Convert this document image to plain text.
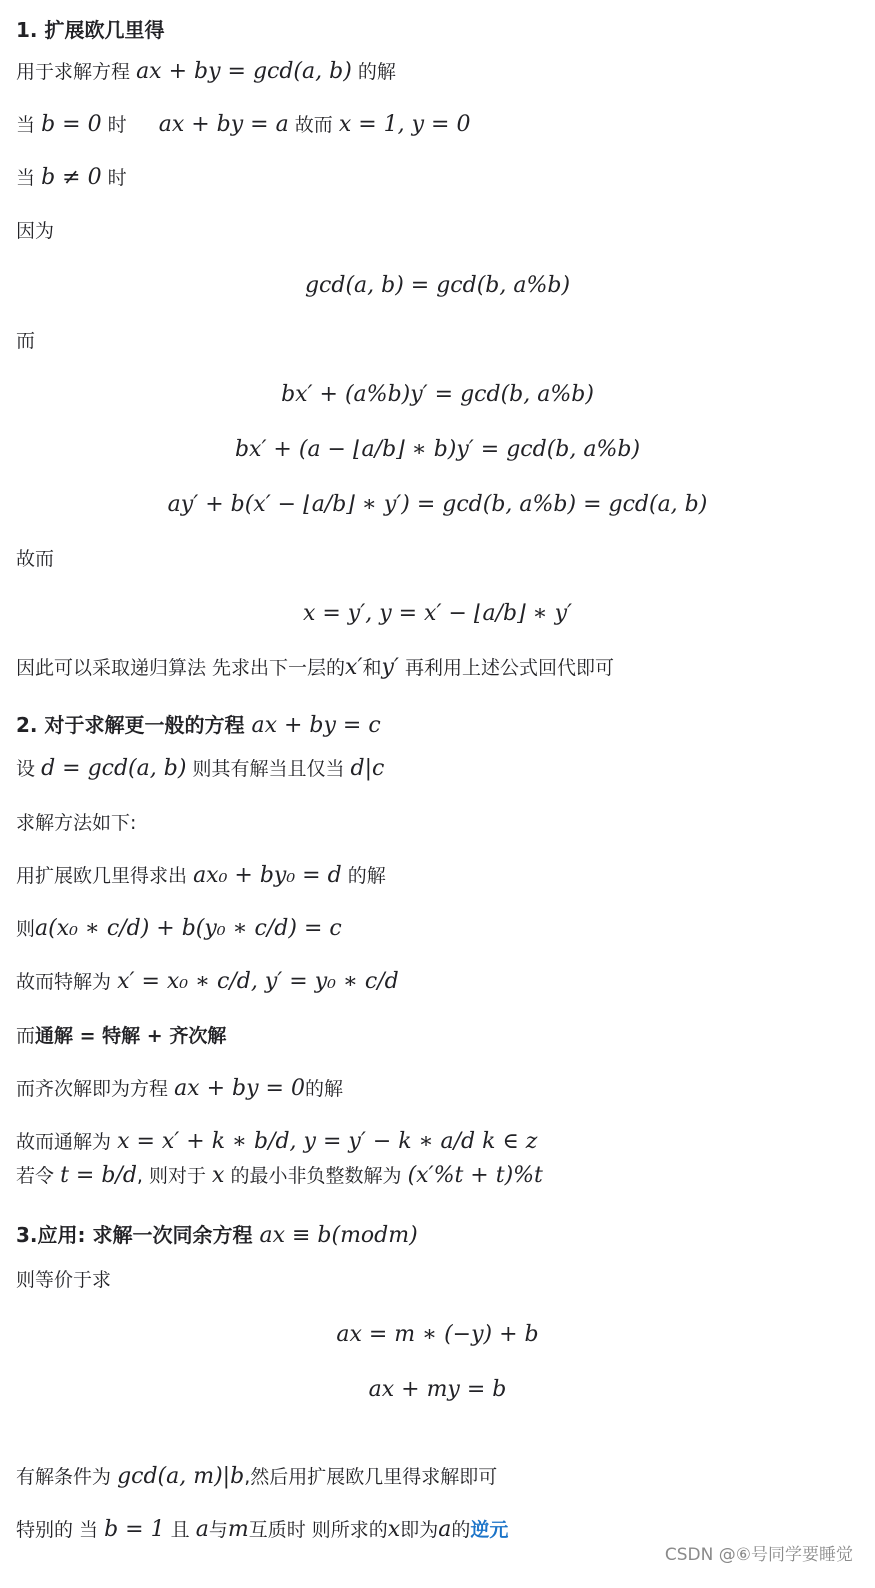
1. 扩展欧几里得
用于求解方程 ax + by = gcd(a, b) 的解
当 b = 0 时 ax + by = a 故而 x = 1, y = 0
当 b ≠ 0 时
因为
gcd(a, b) = gcd(b, a%b)
而
bx′ + (a%b)y′ = gcd(b, a%b)
bx′ + (a − ⌊a/b⌋ ∗ b)y′ = gcd(b, a%b)
ay′ + b(x′ − ⌊a/b⌋ ∗ y′) = gcd(b, a%b) = gcd(a, b)
故而
x = y′, y = x′ − ⌊a/b⌋ ∗ y′
因此可以采取递归算法 先求出下一层的x′和y′ 再利用上述公式回代即可
2. 对于求解更一般的方程 ax + by = c
设 d = gcd(a, b) 则其有解当且仅当 d|c
求解方法如下:
用扩展欧几里得求出 ax₀ + by₀ = d 的解
则a(x₀ ∗ c/d) + b(y₀ ∗ c/d) = c
故而特解为 x′ = x₀ ∗ c/d, y′ = y₀ ∗ c/d
而通解 = 特解 + 齐次解
而齐次解即为方程 ax + by = 0的解
故而通解为 x = x′ + k ∗ b/d, y = y′ − k ∗ a/d k ∈ z
若令 t = b/d, 则对于 x 的最小非负整数解为 (x′%t + t)%t
3.应用: 求解一次同余方程 ax ≡ b(modm)
则等价于求
ax = m ∗ (−y) + b
ax + my = b
有解条件为 gcd(a, m)|b,然后用扩展欧几里得求解即可
特别的 当 b = 1 且 a与m互质时 则所求的x即为a的逆元
CSDN @⑥号同学要睡觉
